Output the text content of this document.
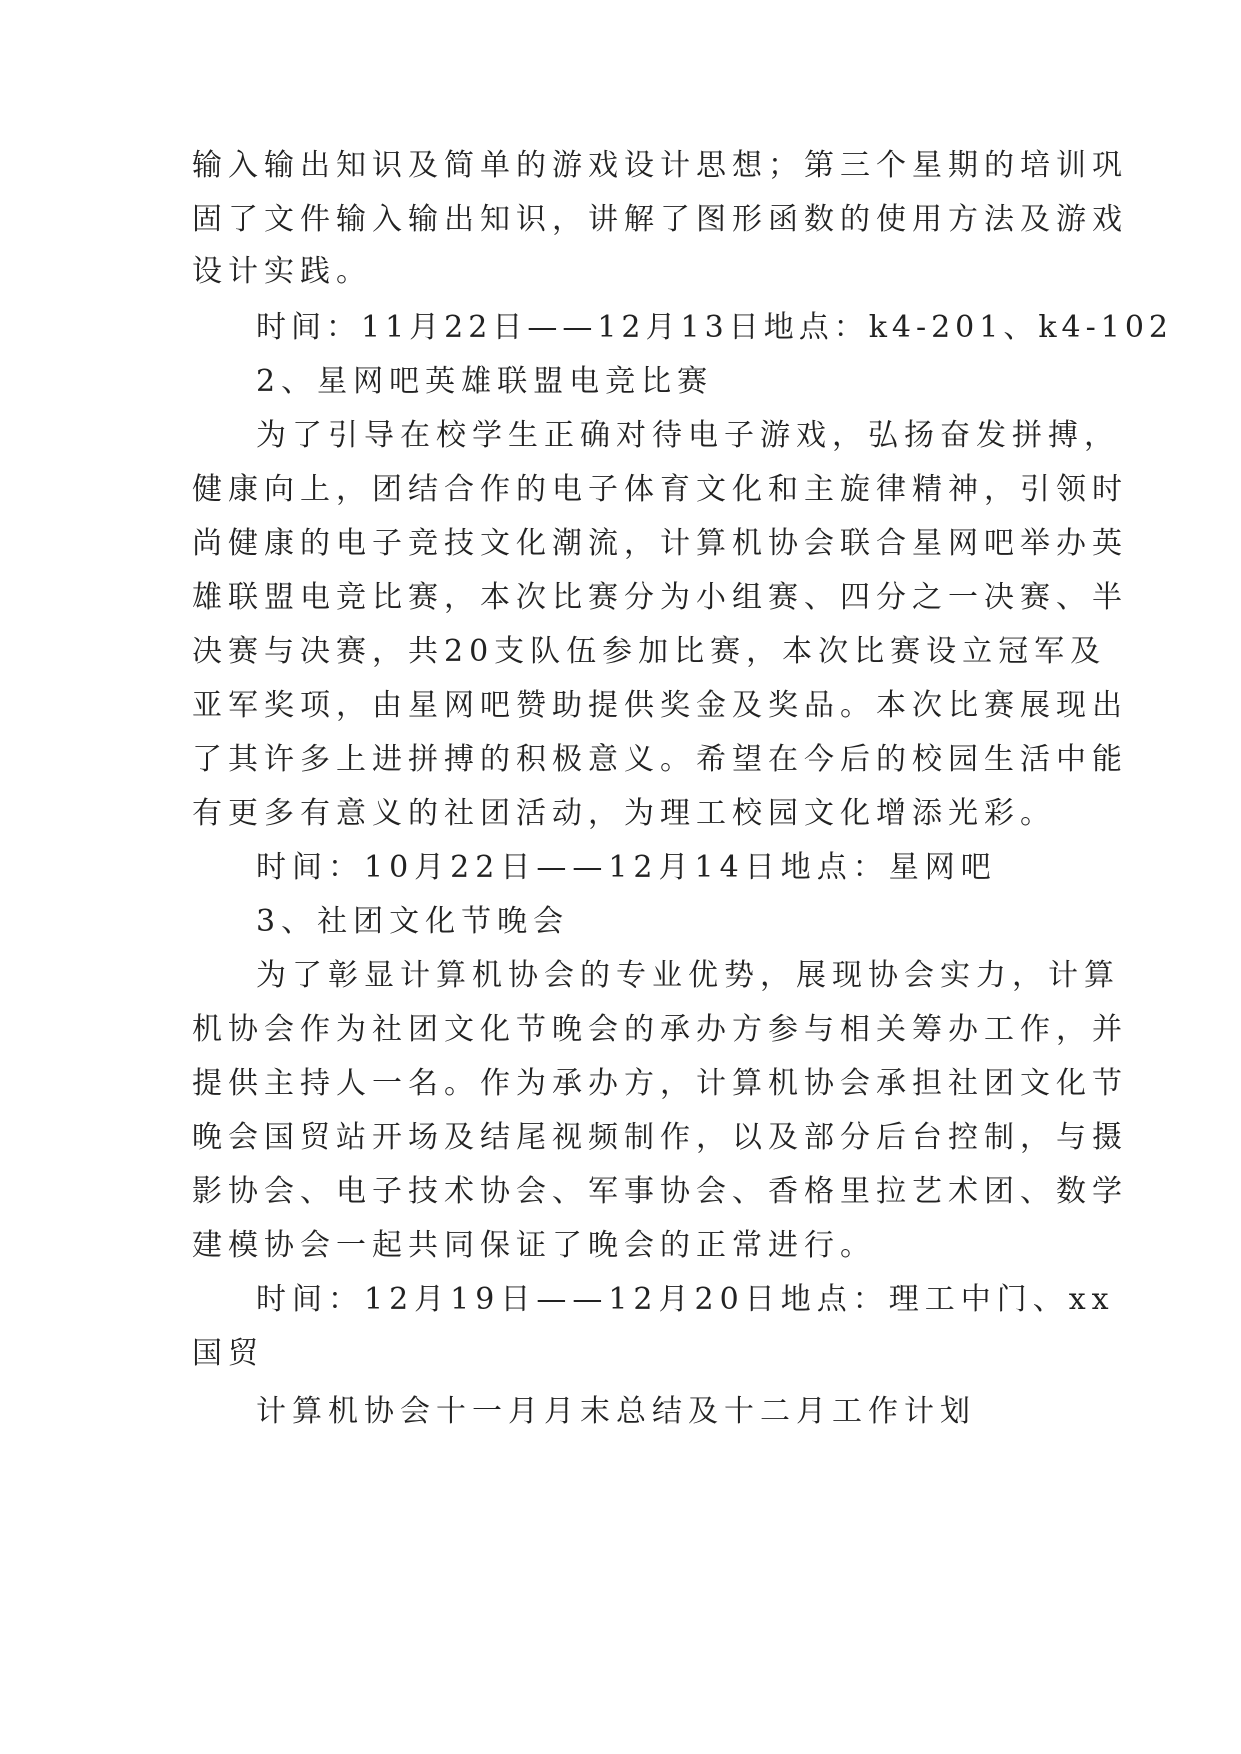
输入输出知识及简单的游戏设计思想；第三个星期的培训巩
固了文件输入输出知识，讲解了图形函数的使用方法及游戏
设计实践。
时间：11月22日——12月13日地点：k4-201、k4-102
2、星网吧英雄联盟电竞比赛
为了引导在校学生正确对待电子游戏，弘扬奋发拼搏，
健康向上，团结合作的电子体育文化和主旋律精神，引领时
尚健康的电子竞技文化潮流，计算机协会联合星网吧举办英
雄联盟电竞比赛，本次比赛分为小组赛、四分之一决赛、半
决赛与决赛，共20支队伍参加比赛，本次比赛设立冠军及
亚军奖项，由星网吧赞助提供奖金及奖品。本次比赛展现出
了其许多上进拼搏的积极意义。希望在今后的校园生活中能
有更多有意义的社团活动，为理工校园文化增添光彩。
时间：10月22日——12月14日地点：星网吧
3、社团文化节晚会
为了彰显计算机协会的专业优势，展现协会实力，计算
机协会作为社团文化节晚会的承办方参与相关筹办工作，并
提供主持人一名。作为承办方，计算机协会承担社团文化节
晚会国贸站开场及结尾视频制作，以及部分后台控制，与摄
影协会、电子技术协会、军事协会、香格里拉艺术团、数学
建模协会一起共同保证了晚会的正常进行。
时间：12月19日——12月20日地点：理工中门、xx
国贸
计算机协会十一月月末总结及十二月工作计划
